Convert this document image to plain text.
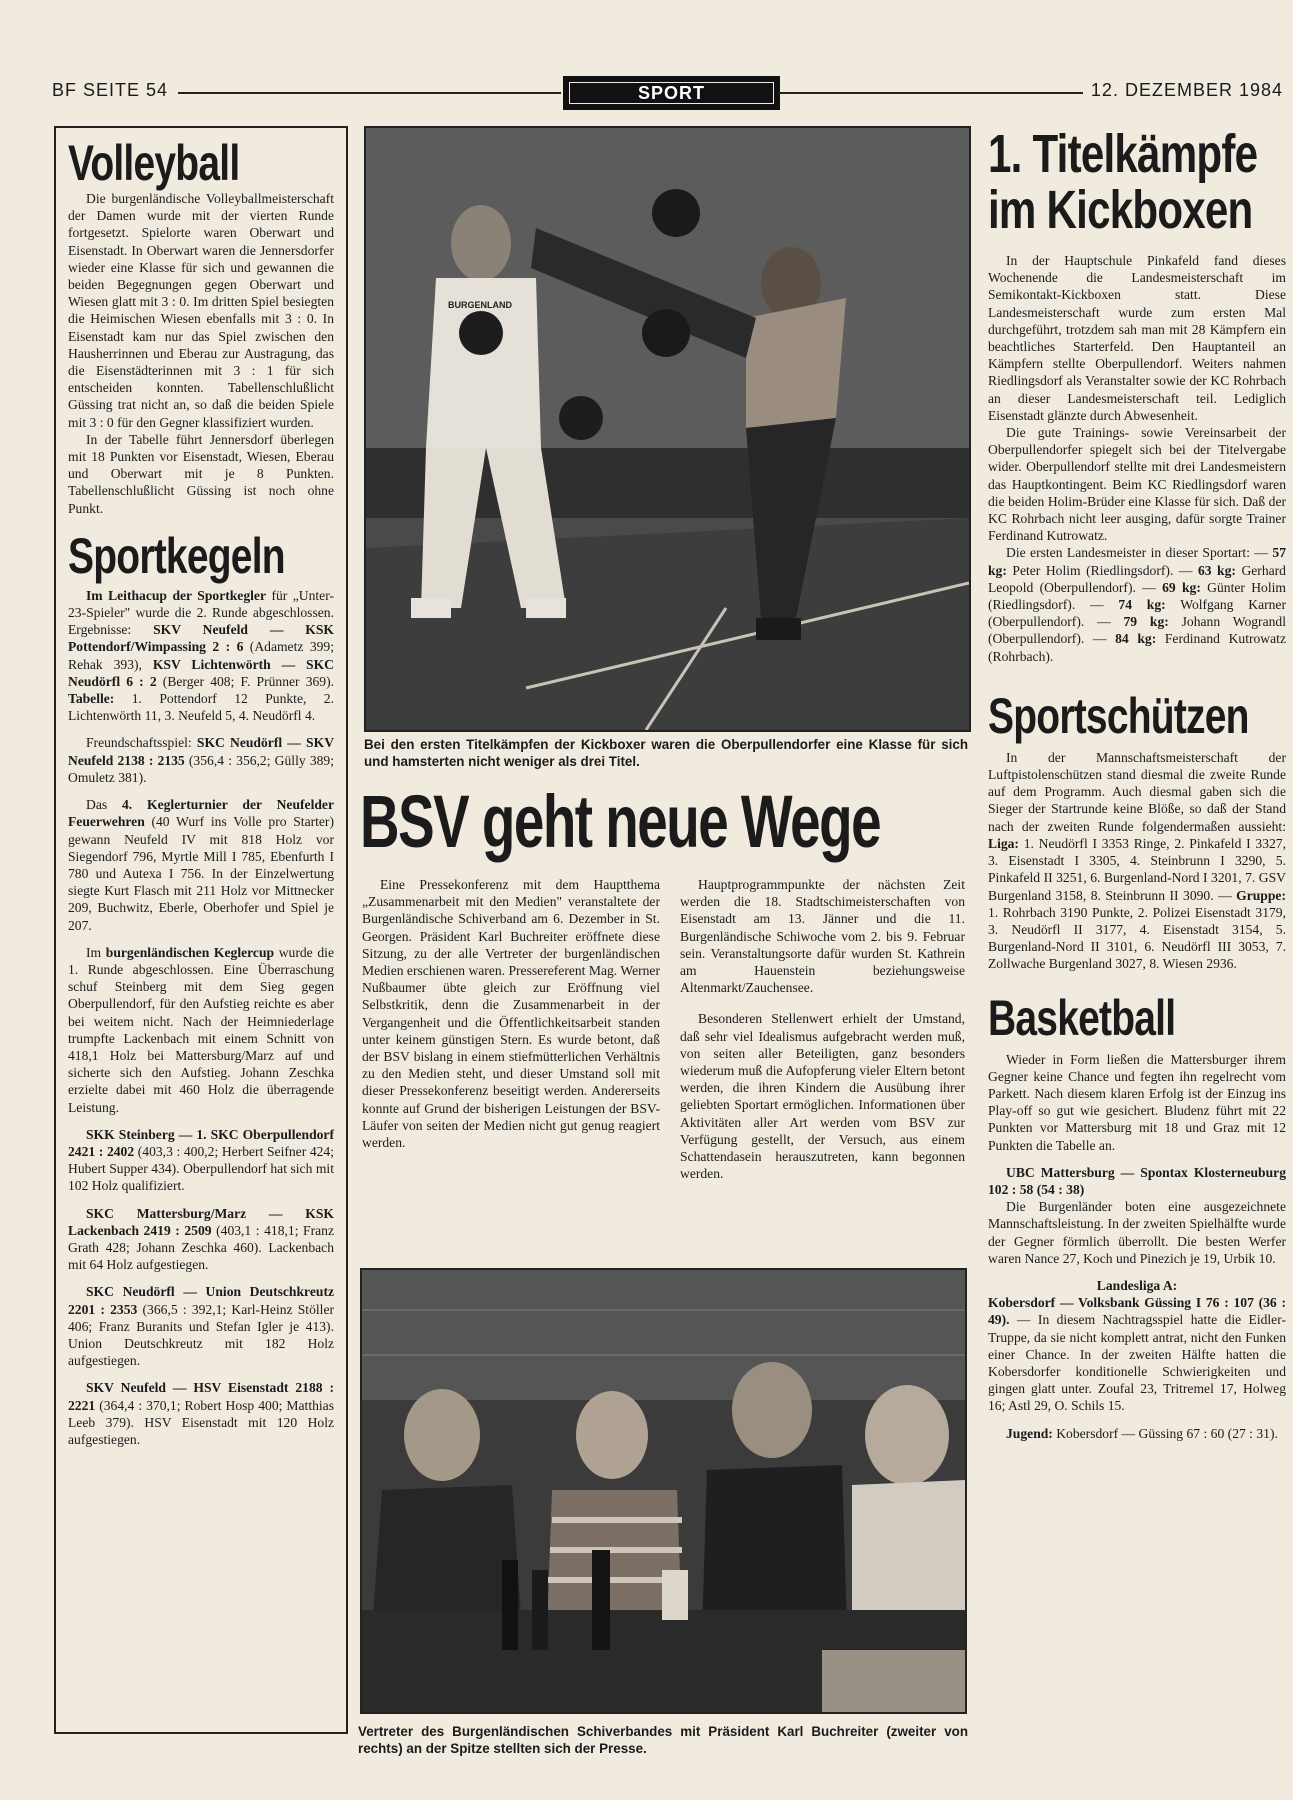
BF SEITE 54	SPORT	12. DEZEMBER 1984
Volleyball

Die burgenländische Volleyballmeisterschaft der Damen wurde mit der vierten Runde fortgesetzt. Spielorte waren Oberwart und Eisenstadt. In Oberwart waren die Jennersdorfer wieder eine Klasse für sich und gewannen die beiden Begegnungen gegen Oberwart und Wiesen glatt mit 3 : 0. Im dritten Spiel besiegten die Heimischen Wiesen ebenfalls mit 3 : 0. In Eisenstadt kam nur das Spiel zwischen den Hausherrinnen und Eberau zur Austragung, das die Eisenstädterinnen mit 3 : 1 für sich entscheiden konnten. Tabellenschlußlicht Güssing trat nicht an, so daß die beiden Spiele mit 3 : 0 für den Gegner klassifiziert wurden.

In der Tabelle führt Jennersdorf überlegen mit 18 Punkten vor Eisenstadt, Wiesen, Eberau und Oberwart mit je 8 Punkten. Tabellenschlußlicht Güssing ist noch ohne Punkt.

Sportkegeln

Im Leithacup der Sportkegler für „Unter-23-Spieler" wurde die 2. Runde abgeschlossen. Ergebnisse: SKV Neufeld — KSK Pottendorf/Wimpassing 2 : 6 (Adametz 399; Rehak 393), KSV Lichtenwörth — SKC Neudörfl 6 : 2 (Berger 408; F. Prünner 369). Tabelle: 1. Pottendorf 12 Punkte, 2. Lichtenwörth 11, 3. Neufeld 5, 4. Neudörfl 4.

Freundschaftsspiel: SKC Neudörfl — SKV Neufeld 2138 : 2135 (356,4 : 356,2; Gülly 389; Omuletz 381).

Das 4. Keglerturnier der Neufelder Feuerwehren (40 Wurf ins Volle pro Starter) gewann Neufeld IV mit 818 Holz vor Siegendorf 796, Myrtle Mill I 785, Ebenfurth I 780 und Autexa I 756. In der Einzelwertung siegte Kurt Flasch mit 211 Holz vor Mittnecker 209, Buchwitz, Eberle, Oberhofer und Spiel je 207.

Im burgenländischen Keglercup wurde die 1. Runde abgeschlossen. Eine Überraschung schuf Steinberg mit dem Sieg gegen Oberpullendorf, für den Aufstieg reichte es aber bei weitem nicht. Nach der Heimniederlage trumpfte Lackenbach mit einem Schnitt von 418,1 Holz bei Mattersburg/Marz auf und sicherte sich den Aufstieg. Johann Zeschka erzielte dabei mit 460 Holz die überragende Leistung.

SKK Steinberg — 1. SKC Oberpullendorf 2421 : 2402 (403,3 : 400,2; Herbert Seifner 424; Hubert Supper 434). Oberpullendorf hat sich mit 102 Holz qualifiziert.

SKC Mattersburg/Marz — KSK Lackenbach 2419 : 2509 (403,1 : 418,1; Franz Grath 428; Johann Zeschka 460). Lackenbach mit 64 Holz aufgestiegen.

SKC Neudörfl — Union Deutschkreutz 2201 : 2353 (366,5 : 392,1; Karl-Heinz Stöller 406; Franz Buranits und Stefan Igler je 413). Union Deutschkreutz mit 182 Holz aufgestiegen.

SKV Neufeld — HSV Eisenstadt 2188 : 2221 (364,4 : 370,1; Robert Hosp 400; Matthias Leeb 379). HSV Eisenstadt mit 120 Holz aufgestiegen.

BURGENLAND
Bei den ersten Titelkämpfen der Kickboxer waren die Oberpullendorfer eine Klasse für sich und hamsterten nicht weniger als drei Titel.
BSV geht neue Wege

Eine Pressekonferenz mit dem Hauptthema „Zusammenarbeit mit den Medien" veranstaltete der Burgenländische Schiverband am 6. Dezember in St. Georgen. Präsident Karl Buchreiter eröffnete diese Sitzung, zu der alle Vertreter der burgenländischen Medien erschienen waren. Pressereferent Mag. Werner Nußbaumer übte gleich zur Eröffnung viel Selbstkritik, denn die Zusammenarbeit in der Vergangenheit und die Öffentlichkeitsarbeit standen unter keinem günstigen Stern. Es wurde betont, daß der BSV bislang in einem stiefmütterlichen Verhältnis zu den Medien steht, und dieser Umstand soll mit dieser Pressekonferenz beseitigt werden. Andererseits konnte auf Grund der bisherigen Leistungen der BSV-Läufer von seiten der Medien nicht gut genug reagiert werden.

Hauptprogrammpunkte der nächsten Zeit werden die 18. Stadtschimeisterschaften von Eisenstadt am 13. Jänner und die 11. Burgenländische Schiwoche vom 2. bis 9. Februar sein. Veranstaltungsorte dafür wurden St. Kathrein am Hauenstein beziehungsweise Altenmarkt/Zauchensee.

Besonderen Stellenwert erhielt der Umstand, daß sehr viel Idealismus aufgebracht werden muß, von seiten aller Beteiligten, ganz besonders wiederum muß die Aufopferung vieler Eltern betont werden, die ihren Kindern die Ausübung ihrer geliebten Sportart ermöglichen. Informationen über Aktivitäten aller Art werden vom BSV zur Verfügung gestellt, der Versuch, aus einem Schattendasein herauszutreten, kann begonnen werden.

Vertreter des Burgenländischen Schiverbandes mit Präsident Karl Buchreiter (zweiter von rechts) an der Spitze stellten sich der Presse.
1. Titelkämpfe
im Kickboxen

In der Hauptschule Pinkafeld fand dieses Wochenende die Landesmeisterschaft im Semikontakt-Kickboxen statt. Diese Landesmeisterschaft wurde zum ersten Mal durchgeführt, trotzdem sah man mit 28 Kämpfern ein beachtliches Starterfeld. Den Hauptanteil an Kämpfern stellte Oberpullendorf. Weiters nahmen Riedlingsdorf als Veranstalter sowie der KC Rohrbach an dieser Landesmeisterschaft teil. Lediglich Eisenstadt glänzte durch Abwesenheit.

Die gute Trainings- sowie Vereinsarbeit der Oberpullendorfer spiegelt sich bei der Titelvergabe wider. Oberpullendorf stellte mit drei Landesmeistern das Hauptkontingent. Beim KC Riedlingsdorf waren die beiden Holim-Brüder eine Klasse für sich. Daß der KC Rohrbach nicht leer ausging, dafür sorgte Trainer Ferdinand Kutrowatz.

Die ersten Landesmeister in dieser Sportart: — 57 kg: Peter Holim (Riedlingsdorf). — 63 kg: Gerhard Leopold (Oberpullendorf). — 69 kg: Günter Holim (Riedlingsdorf). — 74 kg: Wolfgang Karner (Oberpullendorf). — 79 kg: Johann Wograndl (Oberpullendorf). — 84 kg: Ferdinand Kutrowatz (Rohrbach).

Sportschützen

In der Mannschaftsmeisterschaft der Luftpistolenschützen stand diesmal die zweite Runde auf dem Programm. Auch diesmal gaben sich die Sieger der Startrunde keine Blöße, so daß der Stand nach der zweiten Runde folgendermaßen aussieht: Liga: 1. Neudörfl I 3353 Ringe, 2. Pinkafeld I 3327, 3. Eisenstadt I 3305, 4. Steinbrunn I 3290, 5. Pinkafeld II 3251, 6. Burgenland-Nord I 3201, 7. GSV Burgenland 3158, 8. Steinbrunn II 3090. — Gruppe: 1. Rohrbach 3190 Punkte, 2. Polizei Eisenstadt 3179, 3. Neudörfl II 3177, 4. Eisenstadt 3154, 5. Burgenland-Nord II 3101, 6. Neudörfl III 3053, 7. Zollwache Burgenland 3027, 8. Wiesen 2936.

Basketball

Wieder in Form ließen die Mattersburger ihrem Gegner keine Chance und fegten ihn regelrecht vom Parkett. Nach diesem klaren Erfolg ist der Einzug ins Play-off so gut wie gesichert. Bludenz führt mit 22 Punkten vor Mattersburg mit 18 und Graz mit 12 Punkten die Tabelle an.

UBC Mattersburg — Spontax Klosterneuburg 102 : 58 (54 : 38)

Die Burgenländer boten eine ausgezeichnete Mannschaftsleistung. In der zweiten Spielhälfte wurde der Gegner förmlich überrollt. Die besten Werfer waren Nance 27, Koch und Pinezich je 19, Urbik 10.

Landesliga A:

Kobersdorf — Volksbank Güssing I 76 : 107 (36 : 49). — In diesem Nachtragsspiel hatte die Eidler-Truppe, da sie nicht komplett antrat, nicht den Funken einer Chance. In der zweiten Hälfte hatten die Kobersdorfer konditionelle Schwierigkeiten und gingen glatt unter. Zoufal 23, Tritremel 17, Holweg 16; Astl 29, O. Schils 15.

Jugend: Kobersdorf — Güssing 67 : 60 (27 : 31).
